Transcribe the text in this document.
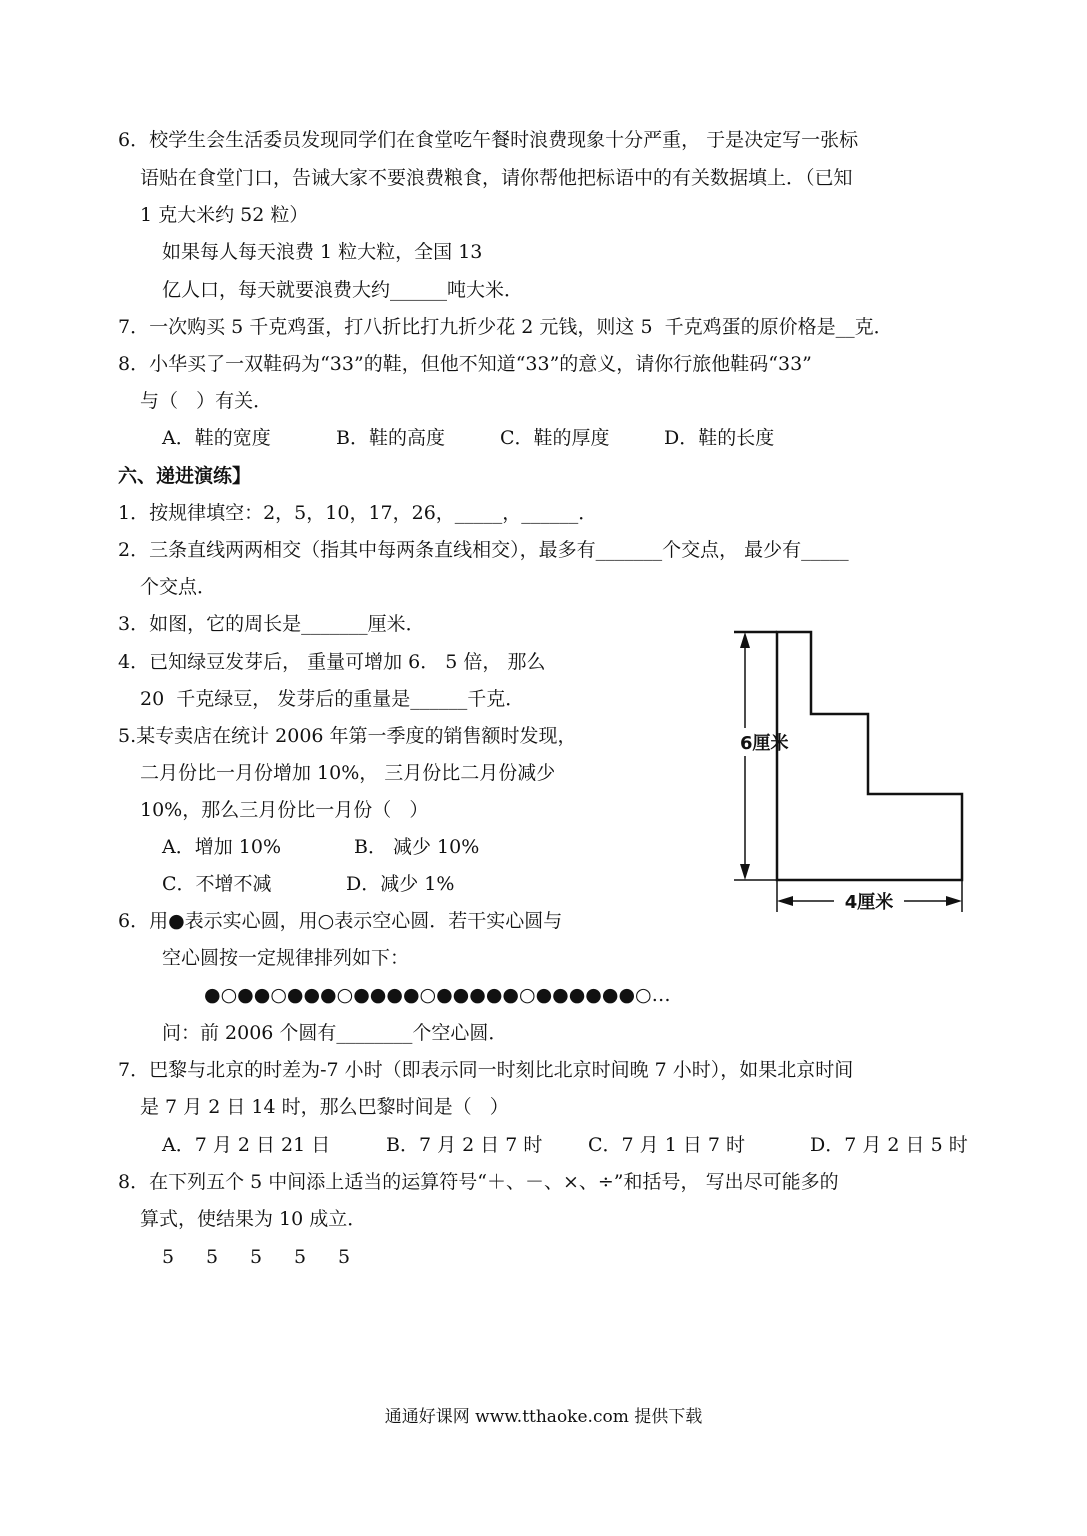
6．校学生会生活委员发现同学们在食堂吃午餐时浪费现象十分严重， 于是决定写一张标
语贴在食堂门口，告诫大家不要浪费粮食，请你帮他把标语中的有关数据填上．（已知
1 克大米约 52 粒）
如果每人每天浪费 1 粒大粒，全国 13
亿人口，每天就要浪费大约______吨大米．
7．一次购买 5 千克鸡蛋，打八折比打九折少花 2 元钱，则这 5  千克鸡蛋的原价格是__克．
8．小华买了一双鞋码为“33”的鞋，但他不知道“33”的意义，请你行旅他鞋码“33”
与（   ）有关．
A．鞋的宽度	B．鞋的高度	C．鞋的厚度	D．鞋的长度
六、递进演练】
1．按规律填空：2，5，10，17，26，_____，______．
2．三条直线两两相交（指其中每两条直线相交），最多有_______个交点， 最少有_____
个交点．
3．如图，它的周长是_______厘米．
4．已知绿豆发芽后， 重量可增加 6． 5 倍， 那么
20  千克绿豆， 发芽后的重量是______千克．
5.某专卖店在统计 2006 年第一季度的销售额时发现，
二月份比一月份增加 10%， 三月份比二月份减少
10%，那么三月份比一月份（   ）
A．增加 10%	B． 减少 10%
C．不增不减	D．减少 1%
6．用●表示实心圆，用○表示空心圆．若干实心圆与
空心圆按一定规律排列如下：
●○●●○●●●○●●●●○●●●●●○●●●●●●○…
问：前 2006 个圆有________个空心圆．
7．巴黎与北京的时差为-7 小时（即表示同一时刻比北京时间晚 7 小时），如果北京时间
是 7 月 2 日 14 时，那么巴黎时间是（   ）
A．7 月 2 日 21 日	B．7 月 2 日 7 时 C．7 月 1 日 7 时	D．7 月 2 日 5 时
8．在下列五个 5 中间添上适当的运算符号“＋、－、×、÷”和括号， 写出尽可能多的
算式，使结果为 10 成立．
5 5 5 5 5
6厘米
4厘米
通通好课网 www.tthaoke.com 提供下载
